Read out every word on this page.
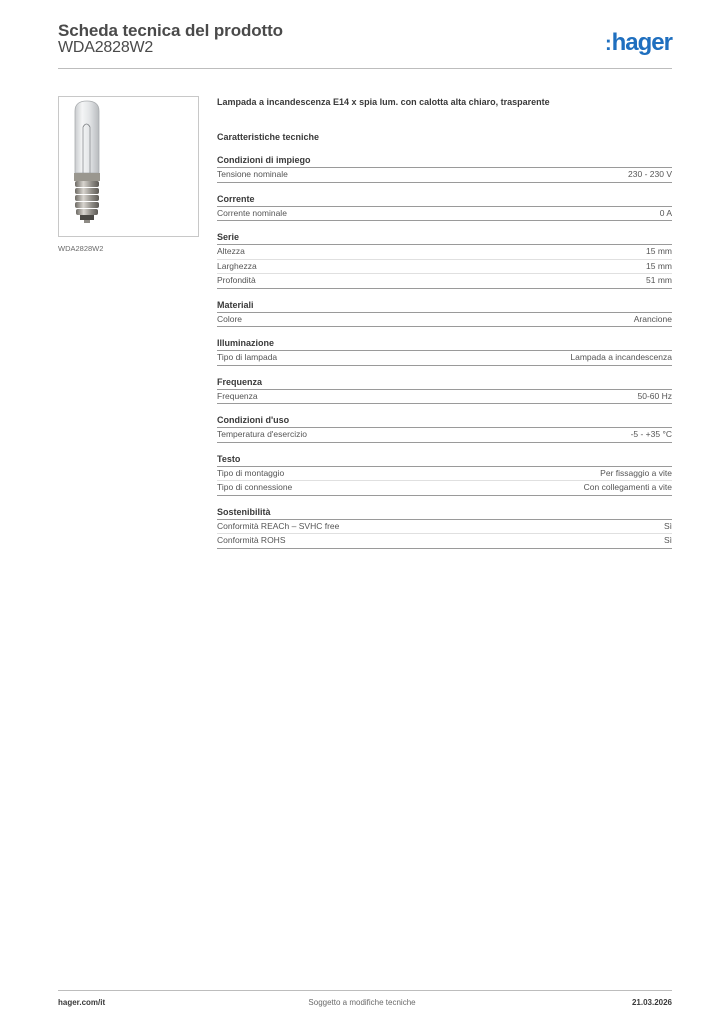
Scheda tecnica del prodotto
WDA2828W2	:hager
WDA2828W2
Lampada a incandescenza E14 x spia lum. con calotta alta chiaro, trasparente
Caratteristiche tecniche
Condizioni di impiego
Tensione nominale	230 - 230 V
Corrente
Corrente nominale	0 A
Serie
Altezza	15 mm
Larghezza	15 mm
Profondità	51 mm
Materiali
Colore	Arancione
Illuminazione
Tipo di lampada	Lampada a incandescenza
Frequenza
Frequenza	50-60 Hz
Condizioni d'uso
Temperatura d'esercizio	-5 - +35 °C
Testo
Tipo di montaggio	Per fissaggio a vite
Tipo di connessione	Con collegamenti a vite
Sostenibilità
Conformità REACh – SVHC free	Sì
Conformità ROHS	Sì
hager.com/it	Soggetto a modifiche tecniche	21.03.2026
